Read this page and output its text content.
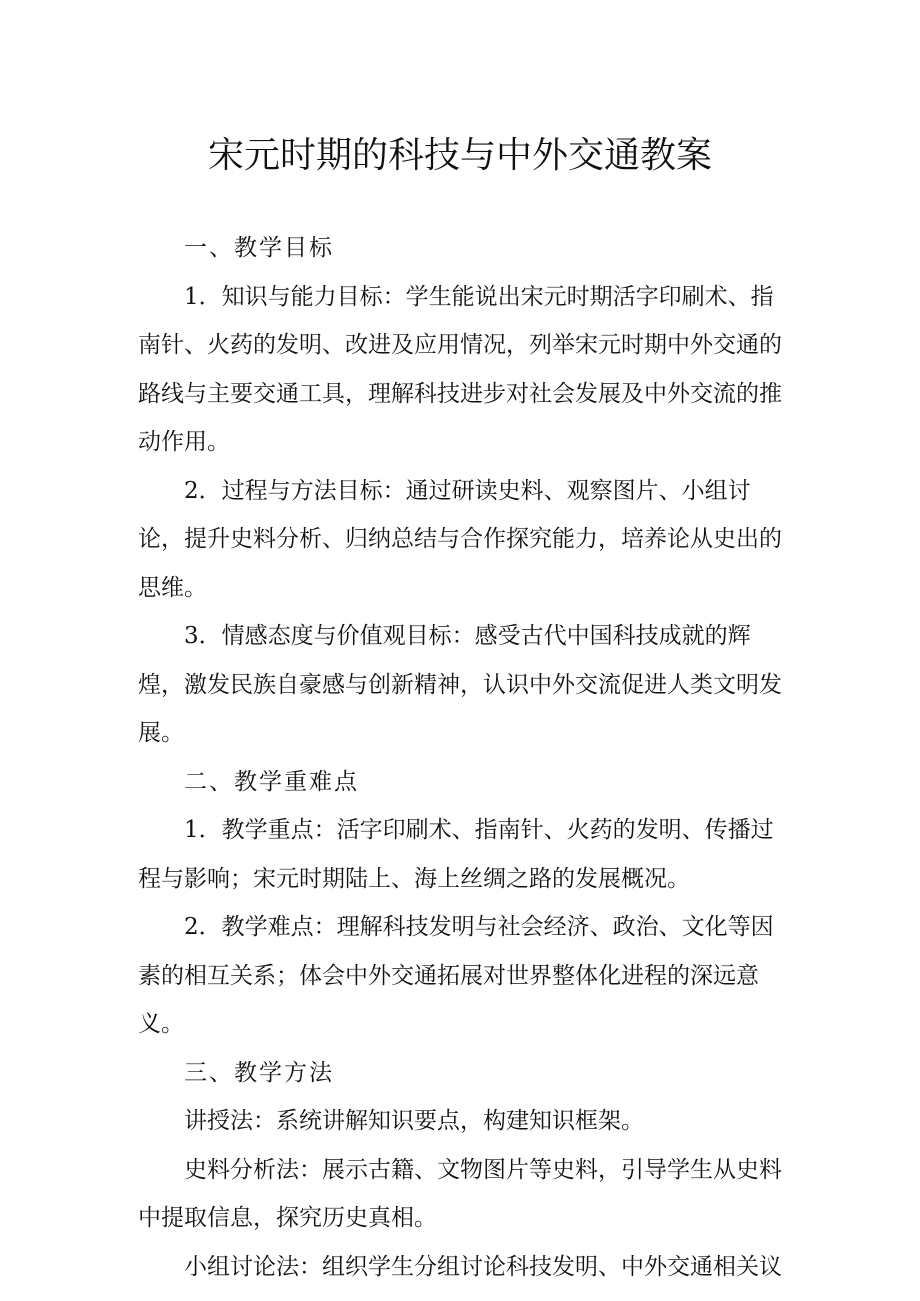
宋元时期的科技与中外交通教案

一、教学目标

1．知识与能力目标：学生能说出宋元时期活字印刷术、指南针、火药的发明、改进及应用情况，列举宋元时期中外交通的路线与主要交通工具，理解科技进步对社会发展及中外交流的推动作用。

2．过程与方法目标：通过研读史料、观察图片、小组讨论，提升史料分析、归纳总结与合作探究能力，培养论从史出的思维。

3．情感态度与价值观目标：感受古代中国科技成就的辉煌，激发民族自豪感与创新精神，认识中外交流促进人类文明发展。

二、教学重难点

1．教学重点：活字印刷术、指南针、火药的发明、传播过程与影响；宋元时期陆上、海上丝绸之路的发展概况。

2．教学难点：理解科技发明与社会经济、政治、文化等因素的相互关系；体会中外交通拓展对世界整体化进程的深远意义。

三、教学方法

讲授法：系统讲解知识要点，构建知识框架。

史料分析法：展示古籍、文物图片等史料，引导学生从史料中提取信息，探究历史真相。

小组讨论法：组织学生分组讨论科技发明、中外交通相关议
